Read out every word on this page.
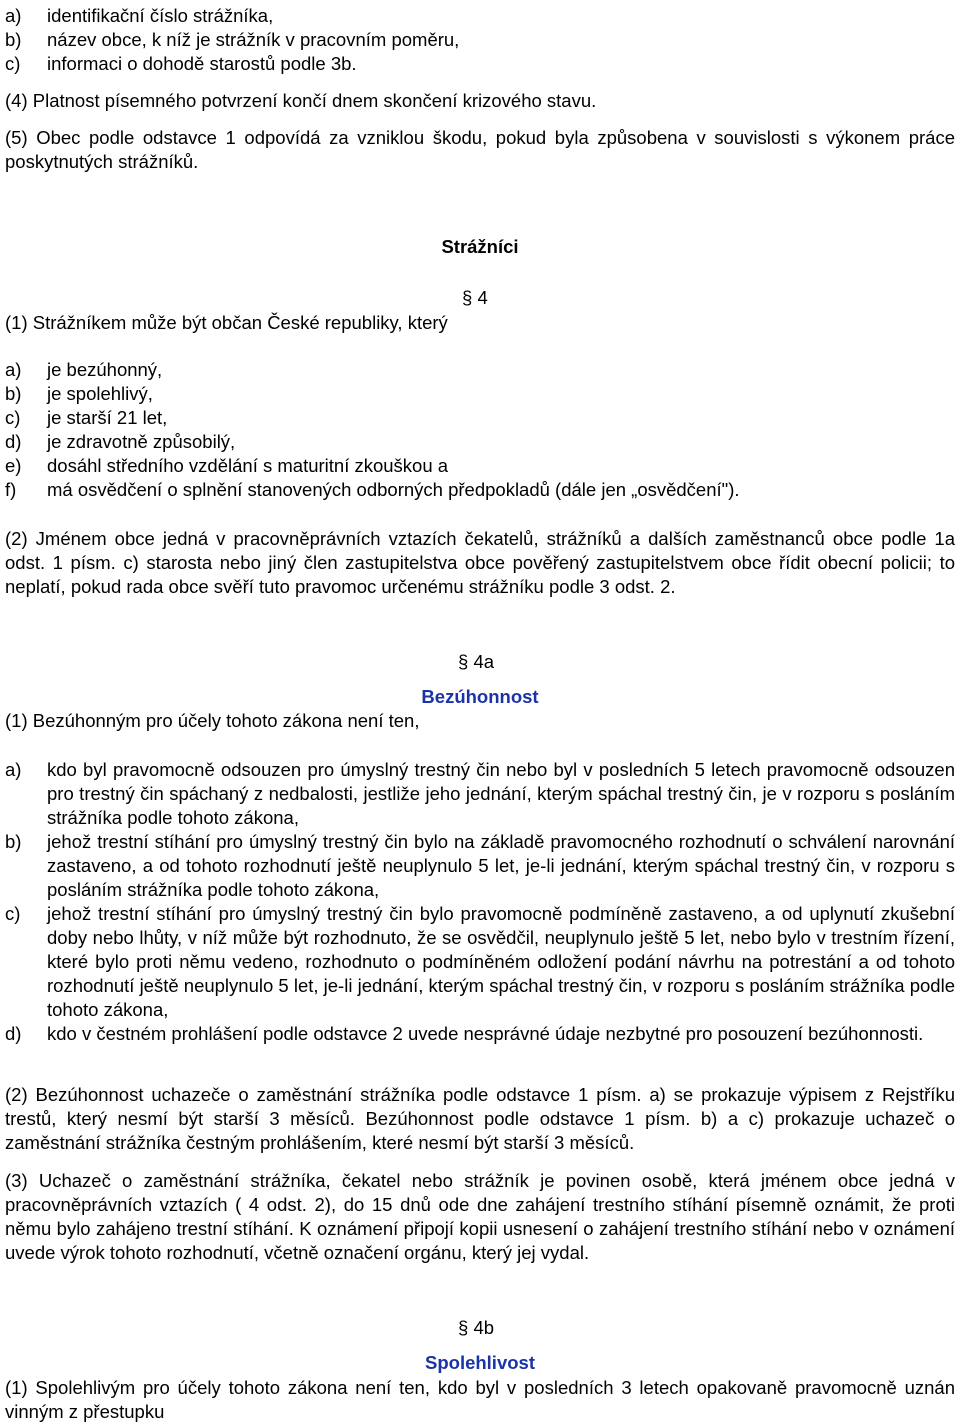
a) identifikační číslo strážníka,
b) název obce, k níž je strážník v pracovním poměru,
c) informaci o dohodě starostů podle 3b.
(4) Platnost písemného potvrzení končí dnem skončení krizového stavu.
(5) Obec podle odstavce 1 odpovídá za vzniklou škodu, pokud byla způsobena v souvislosti s výkonem práce poskytnutých strážníků.
Strážníci
§ 4
(1) Strážníkem může být občan České republiky, který
a) je bezúhonný,
b) je spolehlivý,
c) je starší 21 let,
d) je zdravotně způsobilý,
e) dosáhl středního vzdělání s maturitní zkouškou a
f) má osvědčení o splnění stanovených odborných předpokladů (dále jen „osvědčení").
(2) Jménem obce jedná v pracovněprávních vztazích čekatelů, strážníků a dalších zaměstnanců obce podle 1a odst. 1 písm. c) starosta nebo jiný člen zastupitelstva obce pověřený zastupitelstvem obce řídit obecní policii; to neplatí, pokud rada obce svěří tuto pravomoc určenému strážníku podle 3 odst. 2.
§ 4a
Bezúhonnost
(1) Bezúhonným pro účely tohoto zákona není ten,
a) kdo byl pravomocně odsouzen pro úmyslný trestný čin nebo byl v posledních 5 letech pravomocně odsouzen pro trestný čin spáchaný z nedbalosti, jestliže jeho jednání, kterým spáchal trestný čin, je v rozporu s posláním strážníka podle tohoto zákona,
b) jehož trestní stíhání pro úmyslný trestný čin bylo na základě pravomocného rozhodnutí o schválení narovnání zastaveno, a od tohoto rozhodnutí ještě neuplynulo 5 let, je-li jednání, kterým spáchal trestný čin, v rozporu s posláním strážníka podle tohoto zákona,
c) jehož trestní stíhání pro úmyslný trestný čin bylo pravomocně podmíněně zastaveno, a od uplynutí zkušební doby nebo lhůty, v níž může být rozhodnuto, že se osvědčil, neuplynulo ještě 5 let, nebo bylo v trestním řízení, které bylo proti němu vedeno, rozhodnuto o podmíněném odložení podání návrhu na potrestání a od tohoto rozhodnutí ještě neuplynulo 5 let, je-li jednání, kterým spáchal trestný čin, v rozporu s posláním strážníka podle tohoto zákona,
d) kdo v čestném prohlášení podle odstavce 2 uvede nesprávné údaje nezbytné pro posouzení bezúhonnosti.
(2) Bezúhonnost uchazeče o zaměstnání strážníka podle odstavce 1 písm. a) se prokazuje výpisem z Rejstříku trestů, který nesmí být starší 3 měsíců. Bezúhonnost podle odstavce 1 písm. b) a c) prokazuje uchazeč o zaměstnání strážníka čestným prohlášením, které nesmí být starší 3 měsíců.
(3) Uchazeč o zaměstnání strážníka, čekatel nebo strážník je povinen osobě, která jménem obce jedná v pracovněprávních vztazích ( 4 odst. 2), do 15 dnů ode dne zahájení trestního stíhání písemně oznámit, že proti němu bylo zahájeno trestní stíhání. K oznámení připojí kopii usnesení o zahájení trestního stíhání nebo v oznámení uvede výrok tohoto rozhodnutí, včetně označení orgánu, který jej vydal.
§ 4b
Spolehlivost
(1) Spolehlivým pro účely tohoto zákona není ten, kdo byl v posledních 3 letech opakovaně pravomocně uznán vinným z přestupku
